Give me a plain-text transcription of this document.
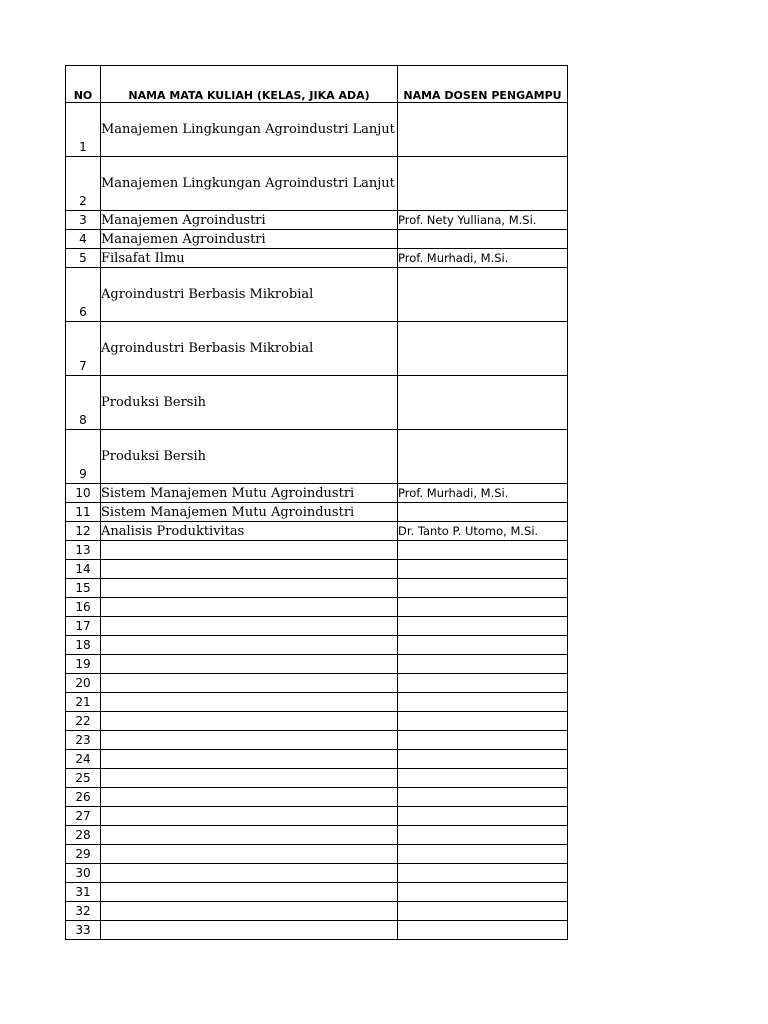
NO	NAMA MATA KULIAH (KELAS, JIKA ADA)	NAMA DOSEN PENGAMPU
1	Manajemen Lingkungan Agroindustri Lanjut	
2	Manajemen Lingkungan Agroindustri Lanjut	
3	Manajemen Agroindustri	Prof. Nety Yulliana, M.Si.
4	Manajemen Agroindustri	
5	Filsafat Ilmu	Prof. Murhadi, M.Si.
6	Agroindustri Berbasis Mikrobial	
7	Agroindustri Berbasis Mikrobial	
8	Produksi Bersih	
9	Produksi Bersih	
10	Sistem Manajemen Mutu Agroindustri	Prof. Murhadi, M.Si.
11	Sistem Manajemen Mutu Agroindustri	
12	Analisis Produktivitas	Dr. Tanto P. Utomo, M.Si.
13		
14		
15		
16		
17		
18		
19		
20		
21		
22		
23		
24		
25		
26		
27		
28		
29		
30		
31		
32		
33		
